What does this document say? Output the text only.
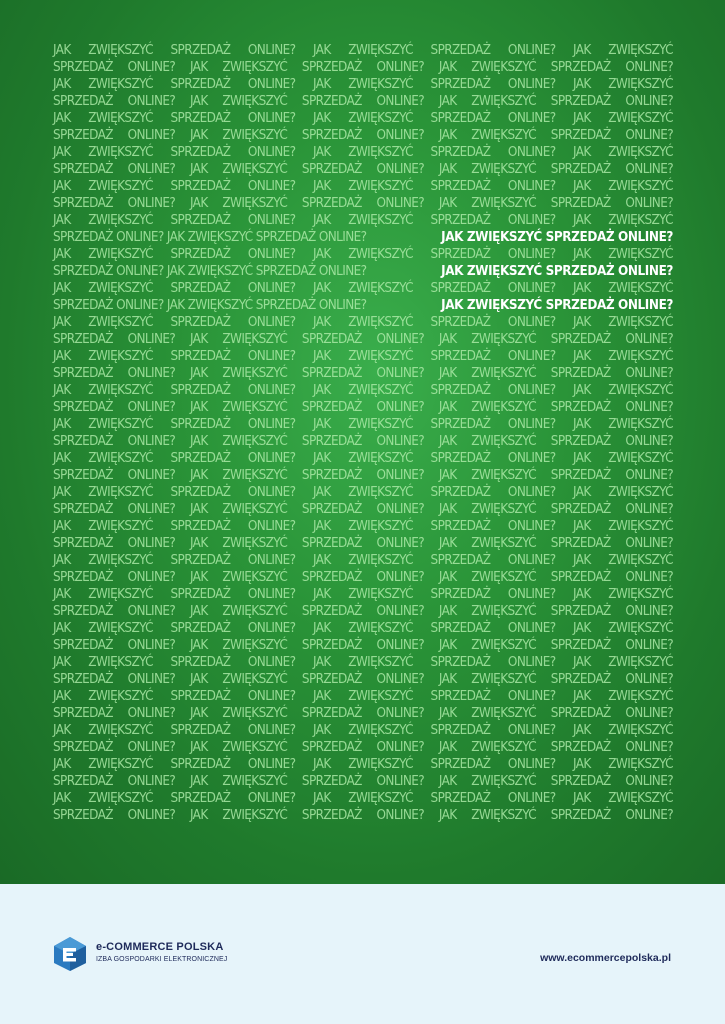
JAK ZWIĘKSZYĆ SPRZEDAŻ ONLINE? JAK ZWIĘKSZYĆ SPRZEDAŻ ONLINE? JAK ZWIĘKSZYĆ
SPRZEDAŻ ONLINE? JAK ZWIĘKSZYĆ SPRZEDAŻ ONLINE? JAK ZWIĘKSZYĆ SPRZEDAŻ ONLINE?
JAK ZWIĘKSZYĆ SPRZEDAŻ ONLINE? JAK ZWIĘKSZYĆ SPRZEDAŻ ONLINE? JAK ZWIĘKSZYĆ
SPRZEDAŻ ONLINE? JAK ZWIĘKSZYĆ SPRZEDAŻ ONLINE? JAK ZWIĘKSZYĆ SPRZEDAŻ ONLINE?
JAK ZWIĘKSZYĆ SPRZEDAŻ ONLINE? JAK ZWIĘKSZYĆ SPRZEDAŻ ONLINE? JAK ZWIĘKSZYĆ
SPRZEDAŻ ONLINE? JAK ZWIĘKSZYĆ SPRZEDAŻ ONLINE? JAK ZWIĘKSZYĆ SPRZEDAŻ ONLINE?
JAK ZWIĘKSZYĆ SPRZEDAŻ ONLINE? JAK ZWIĘKSZYĆ SPRZEDAŻ ONLINE? JAK ZWIĘKSZYĆ
SPRZEDAŻ ONLINE? JAK ZWIĘKSZYĆ SPRZEDAŻ ONLINE? JAK ZWIĘKSZYĆ SPRZEDAŻ ONLINE?
JAK ZWIĘKSZYĆ SPRZEDAŻ ONLINE? JAK ZWIĘKSZYĆ SPRZEDAŻ ONLINE? JAK ZWIĘKSZYĆ
SPRZEDAŻ ONLINE? JAK ZWIĘKSZYĆ SPRZEDAŻ ONLINE? JAK ZWIĘKSZYĆ SPRZEDAŻ ONLINE?
JAK ZWIĘKSZYĆ SPRZEDAŻ ONLINE? JAK ZWIĘKSZYĆ SPRZEDAŻ ONLINE? JAK ZWIĘKSZYĆ
SPRZEDAŻ ONLINE? JAK ZWIĘKSZYĆ SPRZEDAŻ ONLINE?	JAK ZWIĘKSZYĆ SPRZEDAŻ ONLINE?
JAK ZWIĘKSZYĆ SPRZEDAŻ ONLINE? JAK ZWIĘKSZYĆ SPRZEDAŻ ONLINE? JAK ZWIĘKSZYĆ
SPRZEDAŻ ONLINE? JAK ZWIĘKSZYĆ SPRZEDAŻ ONLINE?	JAK ZWIĘKSZYĆ SPRZEDAŻ ONLINE?
JAK ZWIĘKSZYĆ SPRZEDAŻ ONLINE? JAK ZWIĘKSZYĆ SPRZEDAŻ ONLINE? JAK ZWIĘKSZYĆ
SPRZEDAŻ ONLINE? JAK ZWIĘKSZYĆ SPRZEDAŻ ONLINE?	JAK ZWIĘKSZYĆ SPRZEDAŻ ONLINE?
JAK ZWIĘKSZYĆ SPRZEDAŻ ONLINE? JAK ZWIĘKSZYĆ SPRZEDAŻ ONLINE? JAK ZWIĘKSZYĆ
SPRZEDAŻ ONLINE? JAK ZWIĘKSZYĆ SPRZEDAŻ ONLINE? JAK ZWIĘKSZYĆ SPRZEDAŻ ONLINE?
JAK ZWIĘKSZYĆ SPRZEDAŻ ONLINE? JAK ZWIĘKSZYĆ SPRZEDAŻ ONLINE? JAK ZWIĘKSZYĆ
SPRZEDAŻ ONLINE? JAK ZWIĘKSZYĆ SPRZEDAŻ ONLINE? JAK ZWIĘKSZYĆ SPRZEDAŻ ONLINE?
JAK ZWIĘKSZYĆ SPRZEDAŻ ONLINE? JAK ZWIĘKSZYĆ SPRZEDAŻ ONLINE? JAK ZWIĘKSZYĆ
SPRZEDAŻ ONLINE? JAK ZWIĘKSZYĆ SPRZEDAŻ ONLINE? JAK ZWIĘKSZYĆ SPRZEDAŻ ONLINE?
JAK ZWIĘKSZYĆ SPRZEDAŻ ONLINE? JAK ZWIĘKSZYĆ SPRZEDAŻ ONLINE? JAK ZWIĘKSZYĆ
SPRZEDAŻ ONLINE? JAK ZWIĘKSZYĆ SPRZEDAŻ ONLINE? JAK ZWIĘKSZYĆ SPRZEDAŻ ONLINE?
JAK ZWIĘKSZYĆ SPRZEDAŻ ONLINE? JAK ZWIĘKSZYĆ SPRZEDAŻ ONLINE? JAK ZWIĘKSZYĆ
SPRZEDAŻ ONLINE? JAK ZWIĘKSZYĆ SPRZEDAŻ ONLINE? JAK ZWIĘKSZYĆ SPRZEDAŻ ONLINE?
JAK ZWIĘKSZYĆ SPRZEDAŻ ONLINE? JAK ZWIĘKSZYĆ SPRZEDAŻ ONLINE? JAK ZWIĘKSZYĆ
SPRZEDAŻ ONLINE? JAK ZWIĘKSZYĆ SPRZEDAŻ ONLINE? JAK ZWIĘKSZYĆ SPRZEDAŻ ONLINE?
JAK ZWIĘKSZYĆ SPRZEDAŻ ONLINE? JAK ZWIĘKSZYĆ SPRZEDAŻ ONLINE? JAK ZWIĘKSZYĆ
SPRZEDAŻ ONLINE? JAK ZWIĘKSZYĆ SPRZEDAŻ ONLINE? JAK ZWIĘKSZYĆ SPRZEDAŻ ONLINE?
JAK ZWIĘKSZYĆ SPRZEDAŻ ONLINE? JAK ZWIĘKSZYĆ SPRZEDAŻ ONLINE? JAK ZWIĘKSZYĆ
SPRZEDAŻ ONLINE? JAK ZWIĘKSZYĆ SPRZEDAŻ ONLINE? JAK ZWIĘKSZYĆ SPRZEDAŻ ONLINE?
JAK ZWIĘKSZYĆ SPRZEDAŻ ONLINE? JAK ZWIĘKSZYĆ SPRZEDAŻ ONLINE? JAK ZWIĘKSZYĆ
SPRZEDAŻ ONLINE? JAK ZWIĘKSZYĆ SPRZEDAŻ ONLINE? JAK ZWIĘKSZYĆ SPRZEDAŻ ONLINE?
JAK ZWIĘKSZYĆ SPRZEDAŻ ONLINE? JAK ZWIĘKSZYĆ SPRZEDAŻ ONLINE? JAK ZWIĘKSZYĆ
SPRZEDAŻ ONLINE? JAK ZWIĘKSZYĆ SPRZEDAŻ ONLINE? JAK ZWIĘKSZYĆ SPRZEDAŻ ONLINE?
JAK ZWIĘKSZYĆ SPRZEDAŻ ONLINE? JAK ZWIĘKSZYĆ SPRZEDAŻ ONLINE? JAK ZWIĘKSZYĆ
SPRZEDAŻ ONLINE? JAK ZWIĘKSZYĆ SPRZEDAŻ ONLINE? JAK ZWIĘKSZYĆ SPRZEDAŻ ONLINE?
JAK ZWIĘKSZYĆ SPRZEDAŻ ONLINE? JAK ZWIĘKSZYĆ SPRZEDAŻ ONLINE? JAK ZWIĘKSZYĆ
SPRZEDAŻ ONLINE? JAK ZWIĘKSZYĆ SPRZEDAŻ ONLINE? JAK ZWIĘKSZYĆ SPRZEDAŻ ONLINE?
JAK ZWIĘKSZYĆ SPRZEDAŻ ONLINE? JAK ZWIĘKSZYĆ SPRZEDAŻ ONLINE? JAK ZWIĘKSZYĆ
SPRZEDAŻ ONLINE? JAK ZWIĘKSZYĆ SPRZEDAŻ ONLINE? JAK ZWIĘKSZYĆ SPRZEDAŻ ONLINE?
JAK ZWIĘKSZYĆ SPRZEDAŻ ONLINE? JAK ZWIĘKSZYĆ SPRZEDAŻ ONLINE? JAK ZWIĘKSZYĆ
SPRZEDAŻ ONLINE? JAK ZWIĘKSZYĆ SPRZEDAŻ ONLINE? JAK ZWIĘKSZYĆ SPRZEDAŻ ONLINE?
JAK ZWIĘKSZYĆ SPRZEDAŻ ONLINE? JAK ZWIĘKSZYĆ SPRZEDAŻ ONLINE? JAK ZWIĘKSZYĆ
SPRZEDAŻ ONLINE? JAK ZWIĘKSZYĆ SPRZEDAŻ ONLINE? JAK ZWIĘKSZYĆ SPRZEDAŻ ONLINE?
e-COMMERCE POLSKA
IZBA GOSPODARKI ELEKTRONICZNEJ	www.ecommercepolska.pl
